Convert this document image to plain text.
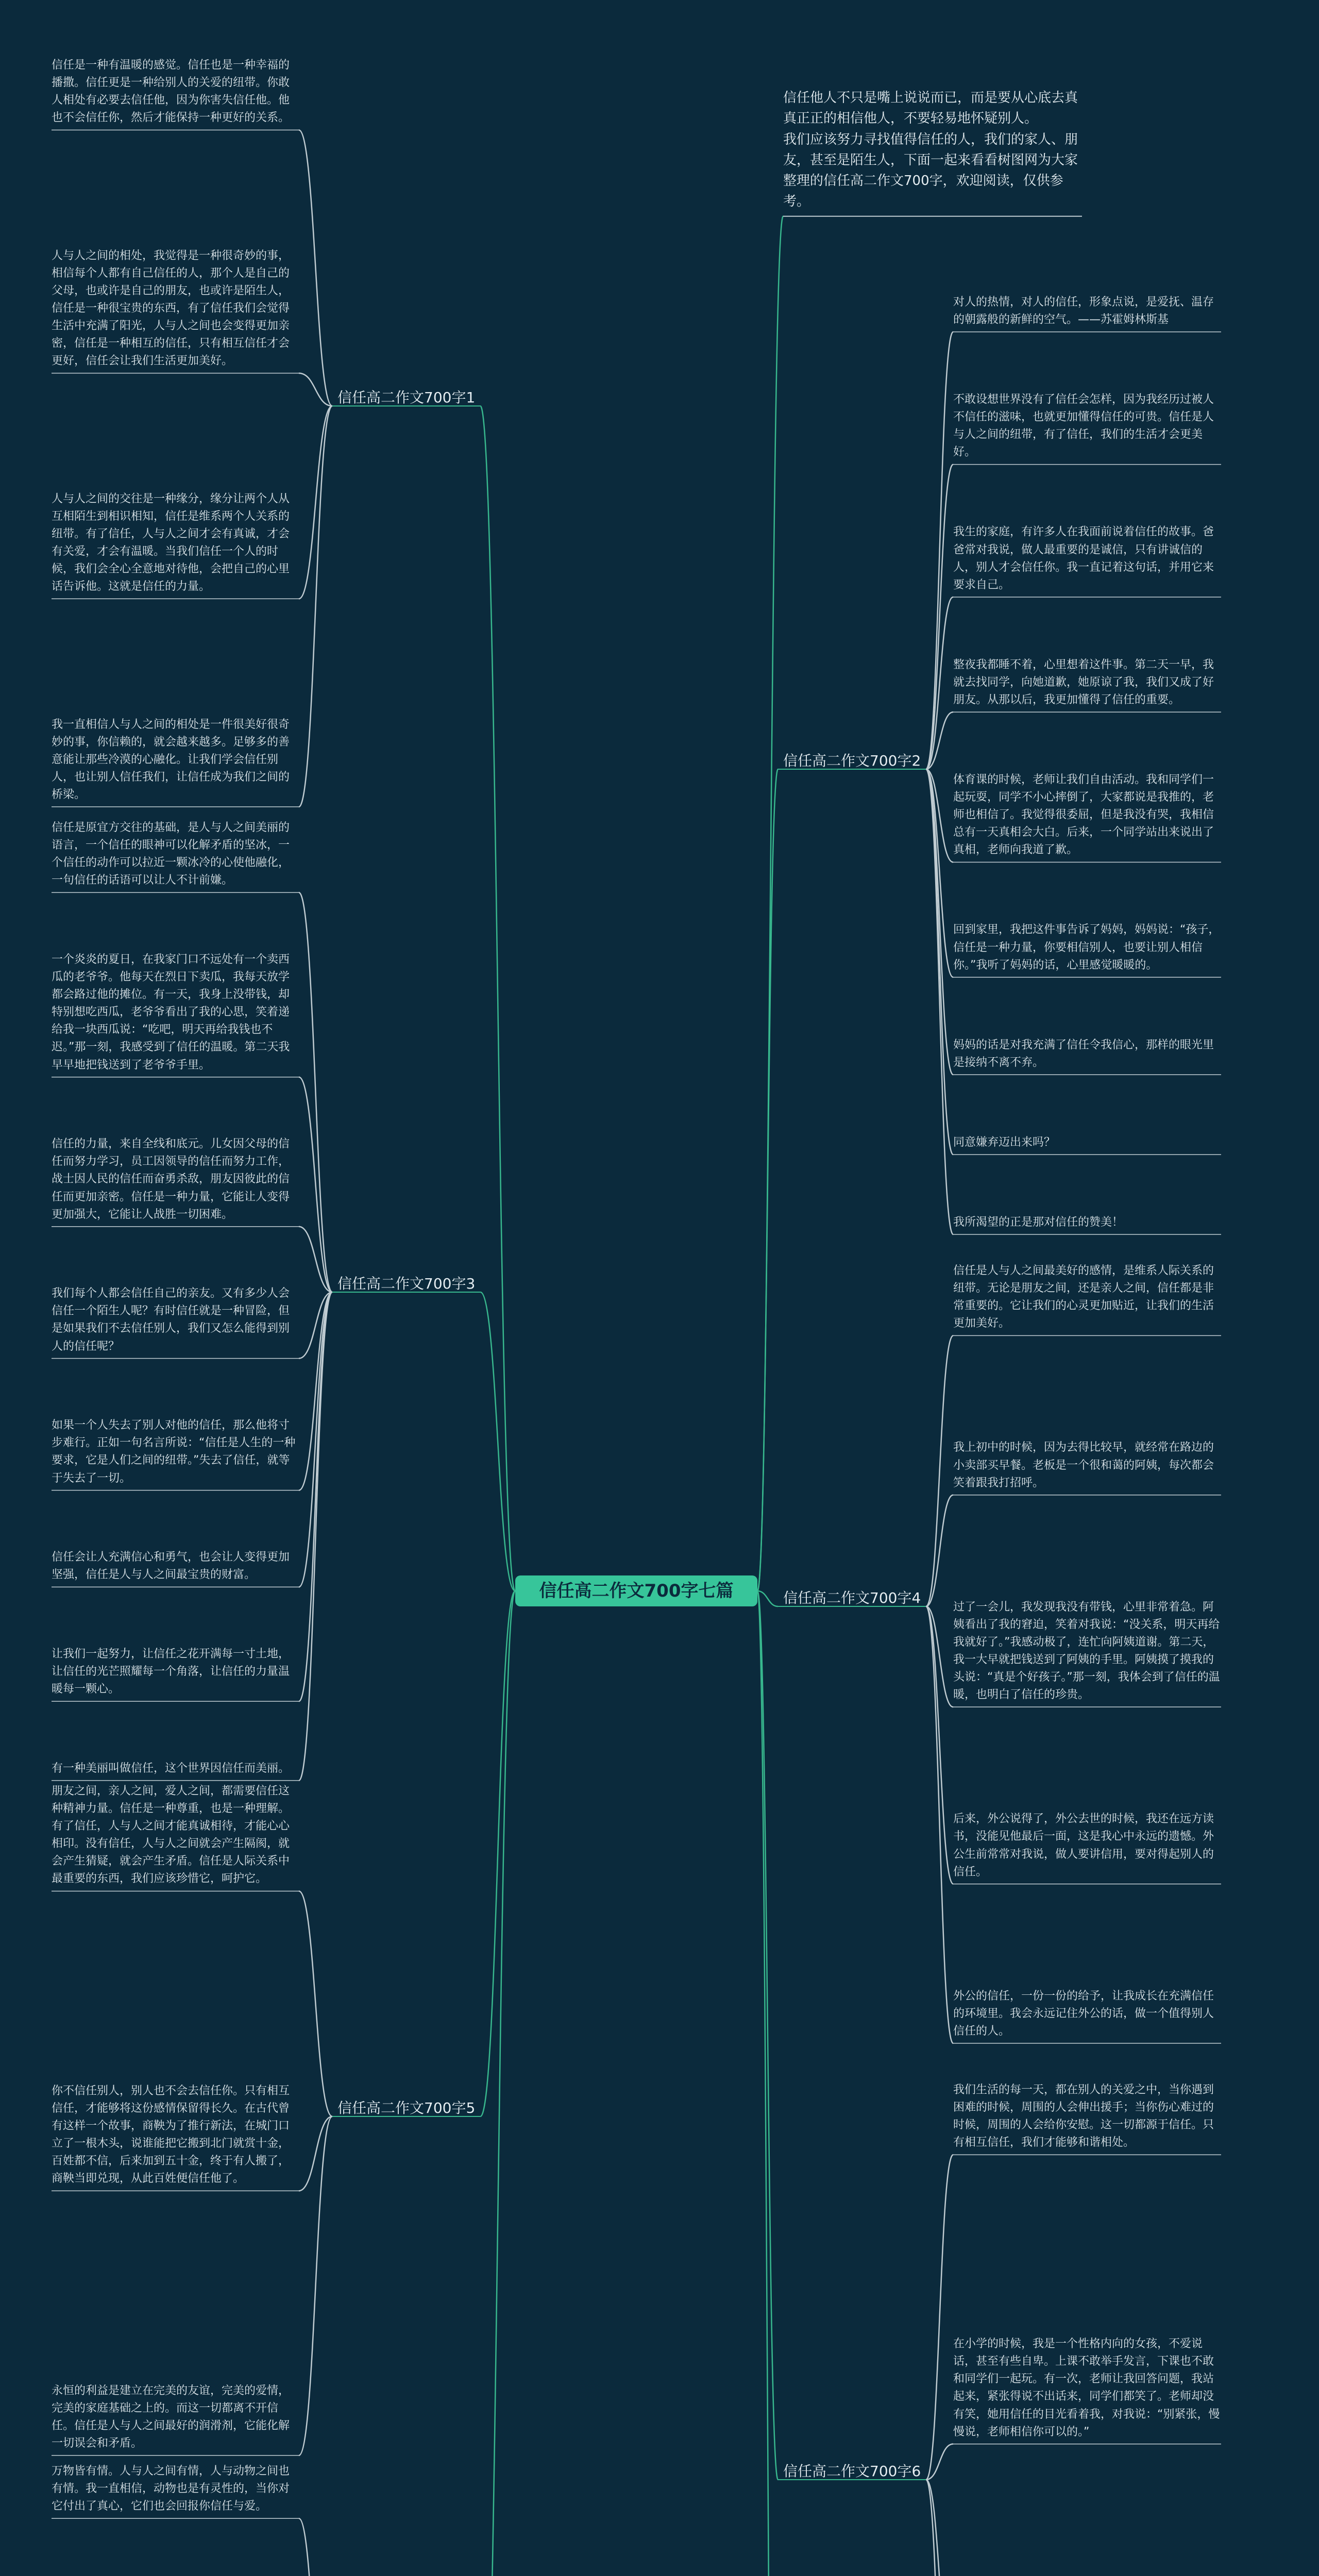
信任他人不只是嘴上说说而已，而是要从心底去真真正正的相信他人，不要轻易地怀疑别人。
我们应该努力寻找值得信任的人，我们的家人、朋友，甚至是陌生人，下面一起来看看树图网为大家整理的信任高二作文700字，欢迎阅读，仅供参考。
信任高二作文700字七篇
信任高二作文700字1
信任是一种有温暖的感觉。信任也是一种幸福的播撒。信任更是一种给别人的关爱的纽带。你敢人相处有必要去信任他，因为你害失信任他。他也不会信任你，然后才能保持一种更好的关系。
人与人之间的相处，我觉得是一种很奇妙的事，相信每个人都有自己信任的人，那个人是自己的父母，也或许是自己的朋友，也或许是陌生人，信任是一种很宝贵的东西，有了信任我们会觉得生活中充满了阳光，人与人之间也会变得更加亲密，信任是一种相互的信任，只有相互信任才会更好，信任会让我们生活更加美好。
人与人之间的交往是一种缘分，缘分让两个人从互相陌生到相识相知，信任是维系两个人关系的纽带。有了信任，人与人之间才会有真诚，才会有关爱，才会有温暖。当我们信任一个人的时候，我们会全心全意地对待他，会把自己的心里话告诉他。这就是信任的力量。
我一直相信人与人之间的相处是一件很美好很奇妙的事，你信赖的，就会越来越多。足够多的善意能让那些冷漠的心融化。让我们学会信任别人，也让别人信任我们，让信任成为我们之间的桥梁。
信任高二作文700字3
信任是原宜方交往的基础，是人与人之间美丽的语言，一个信任的眼神可以化解矛盾的坚冰，一个信任的动作可以拉近一颗冰冷的心使他融化，一句信任的话语可以让人不计前嫌。
一个炎炎的夏日，在我家门口不远处有一个卖西瓜的老爷爷。他每天在烈日下卖瓜，我每天放学都会路过他的摊位。有一天，我身上没带钱，却特别想吃西瓜，老爷爷看出了我的心思，笑着递给我一块西瓜说：“吃吧，明天再给我钱也不迟。”那一刻，我感受到了信任的温暖。第二天我早早地把钱送到了老爷爷手里。
信任的力量，来自全线和底元。儿女因父母的信任而努力学习，员工因领导的信任而努力工作，战士因人民的信任而奋勇杀敌，朋友因彼此的信任而更加亲密。信任是一种力量，它能让人变得更加强大，它能让人战胜一切困难。
我们每个人都会信任自己的亲友。又有多少人会信任一个陌生人呢？有时信任就是一种冒险，但是如果我们不去信任别人，我们又怎么能得到别人的信任呢？
如果一个人失去了别人对他的信任，那么他将寸步难行。正如一句名言所说：“信任是人生的一种要求，它是人们之间的纽带。”失去了信任，就等于失去了一切。
信任会让人充满信心和勇气，也会让人变得更加坚强，信任是人与人之间最宝贵的财富。
让我们一起努力，让信任之花开满每一寸土地，让信任的光芒照耀每一个角落，让信任的力量温暖每一颗心。
有一种美丽叫做信任，这个世界因信任而美丽。
信任高二作文700字5
朋友之间，亲人之间，爱人之间，都需要信任这种精神力量。信任是一种尊重，也是一种理解。有了信任，人与人之间才能真诚相待，才能心心相印。没有信任，人与人之间就会产生隔阂，就会产生猜疑，就会产生矛盾。信任是人际关系中最重要的东西，我们应该珍惜它，呵护它。
你不信任别人，别人也不会去信任你。只有相互信任，才能够将这份感情保留得长久。在古代曾有这样一个故事，商鞅为了推行新法，在城门口立了一根木头，说谁能把它搬到北门就赏十金，百姓都不信，后来加到五十金，终于有人搬了，商鞅当即兑现，从此百姓便信任他了。
永恒的利益是建立在完美的友谊，完美的爱情，完美的家庭基础之上的。而这一切都离不开信任。信任是人与人之间最好的润滑剂，它能化解一切误会和矛盾。
万物皆有情。人与人之间有情，人与动物之间也有情。我一直相信，动物也是有灵性的，当你对它付出了真心，它们也会回报你信任与爱。
信任高二作文700字2
对人的热情，对人的信任，形象点说，是爱抚、温存的朝露般的新鲜的空气。——苏霍姆林斯基
不敢设想世界没有了信任会怎样，因为我经历过被人不信任的滋味，也就更加懂得信任的可贵。信任是人与人之间的纽带，有了信任，我们的生活才会更美好。
我生的家庭，有许多人在我面前说着信任的故事。爸爸常对我说，做人最重要的是诚信，只有讲诚信的人，别人才会信任你。我一直记着这句话，并用它来要求自己。
整夜我都睡不着，心里想着这件事。第二天一早，我就去找同学，向她道歉，她原谅了我，我们又成了好朋友。从那以后，我更加懂得了信任的重要。
体育课的时候，老师让我们自由活动。我和同学们一起玩耍，同学不小心摔倒了，大家都说是我推的，老师也相信了。我觉得很委屈，但是我没有哭，我相信总有一天真相会大白。后来，一个同学站出来说出了真相，老师向我道了歉。
回到家里，我把这件事告诉了妈妈，妈妈说：“孩子，信任是一种力量，你要相信别人，也要让别人相信你。”我听了妈妈的话，心里感觉暖暖的。
妈妈的话是对我充满了信任令我信心，那样的眼光里是接纳不离不弃。
同意嫌弃迈出来吗？
我所渴望的正是那对信任的赞美！
信任高二作文700字4
信任是人与人之间最美好的感情，是维系人际关系的纽带。无论是朋友之间，还是亲人之间，信任都是非常重要的。它让我们的心灵更加贴近，让我们的生活更加美好。
我上初中的时候，因为去得比较早，就经常在路边的小卖部买早餐。老板是一个很和蔼的阿姨，每次都会笑着跟我打招呼。
过了一会儿，我发现我没有带钱，心里非常着急。阿姨看出了我的窘迫，笑着对我说：“没关系，明天再给我就好了。”我感动极了，连忙向阿姨道谢。第二天，我一大早就把钱送到了阿姨的手里。阿姨摸了摸我的头说：“真是个好孩子。”那一刻，我体会到了信任的温暖，也明白了信任的珍贵。
后来，外公说得了，外公去世的时候，我还在远方读书，没能见他最后一面，这是我心中永远的遗憾。外公生前常常对我说，做人要讲信用，要对得起别人的信任。
外公的信任，一份一份的给予，让我成长在充满信任的环境里。我会永远记住外公的话，做一个值得别人信任的人。
信任高二作文700字6
我们生活的每一天，都在别人的关爱之中，当你遇到困难的时候，周围的人会伸出援手；当你伤心难过的时候，周围的人会给你安慰。这一切都源于信任。只有相互信任，我们才能够和谐相处。
在小学的时候，我是一个性格内向的女孩，不爱说话，甚至有些自卑。上课不敢举手发言，下课也不敢和同学们一起玩。有一次，老师让我回答问题，我站起来，紧张得说不出话来，同学们都笑了。老师却没有笑，她用信任的目光看着我，对我说：“别紧张，慢慢说，老师相信你可以的。”
